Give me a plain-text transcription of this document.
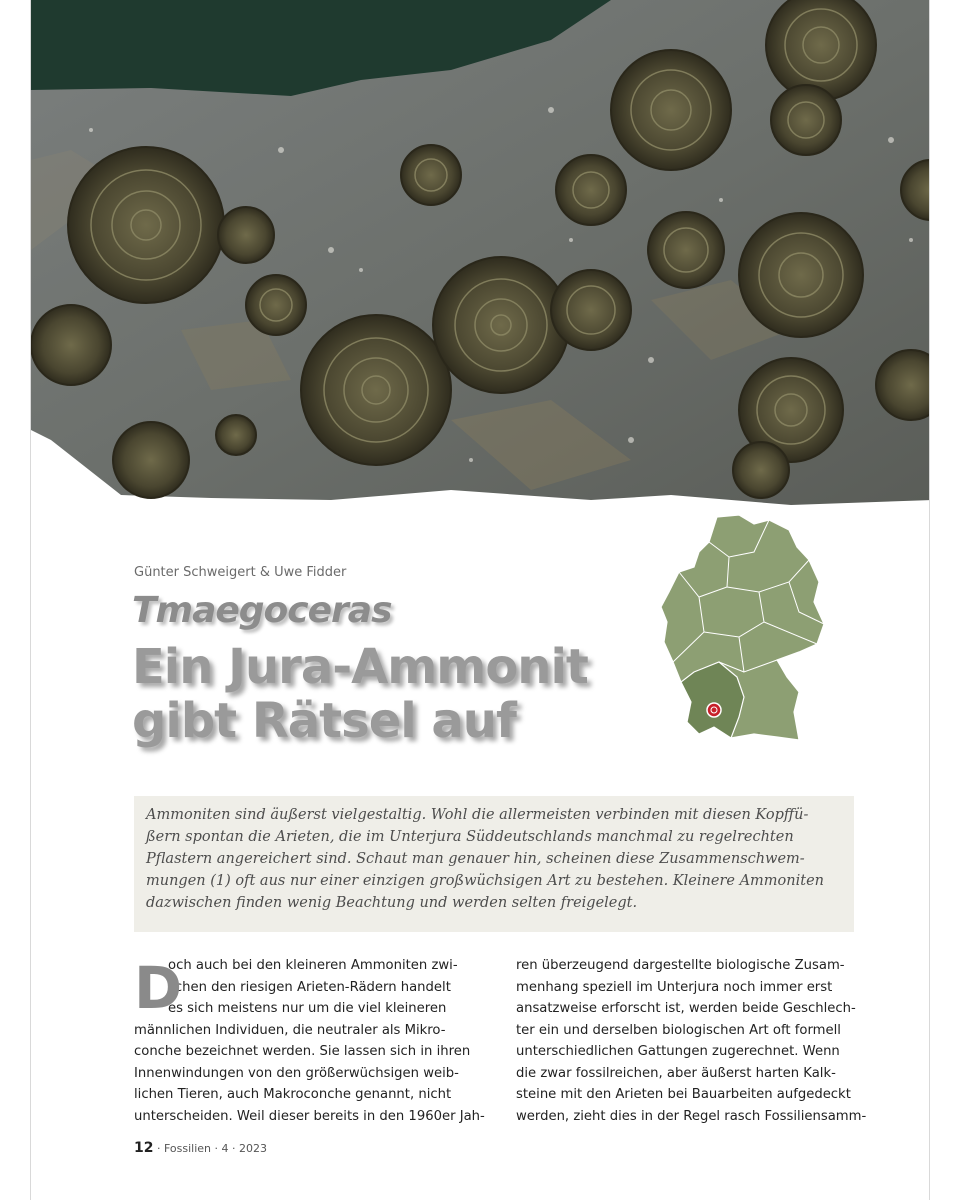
Günter Schweigert & Uwe Fidder
Tmaegoceras
Ein Jura-Ammonit
gibt Rätsel auf

Ammoniten sind äußerst vielgestaltig. Wohl die allermeisten verbinden mit diesen Kopffü-
ßern spontan die Arieten, die im Unterjura Süddeutschlands manchmal zu regelrechten
Pflastern angereichert sind. Schaut man genauer hin, scheinen diese Zusammenschwem-
mungen (1) oft aus nur einer einzigen großwüchsigen Art zu bestehen. Kleinere Ammoniten
dazwischen finden wenig Beachtung und werden selten freigelegt.

D
och auch bei den kleineren Ammoniten zwi-
schen den riesigen Arieten-Rädern handelt
es sich meistens nur um die viel kleineren
männlichen Individuen, die neutraler als Mikro-
conche bezeichnet werden. Sie lassen sich in ihren
Innenwindungen von den größerwüchsigen weib-
lichen Tieren, auch Makroconche genannt, nicht
unterscheiden. Weil dieser bereits in den 1960er Jah-
ren überzeugend dargestellte biologische Zusam-
menhang speziell im Unterjura noch immer erst
ansatzweise erforscht ist, werden beide Geschlech-
ter ein und derselben biologischen Art oft formell
unterschiedlichen Gattungen zugerechnet. Wenn
die zwar fossilreichen, aber äußerst harten Kalk-
steine mit den Arieten bei Bauarbeiten aufgedeckt
werden, zieht dies in der Regel rasch Fossiliensamm-
12 · Fossilien · 4 · 2023
